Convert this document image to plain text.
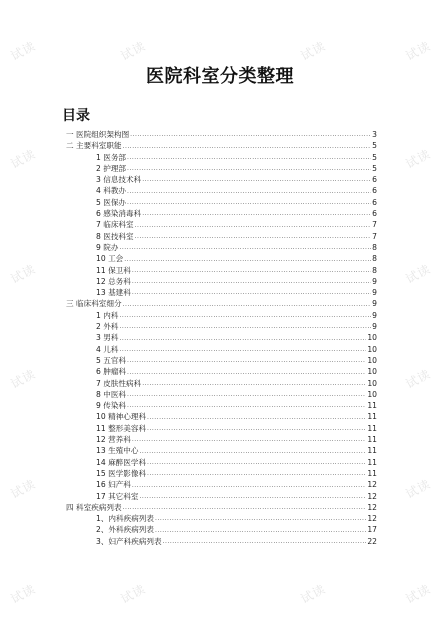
试读	试读	试读	试读
试读	试读
试读	试读
试读	试读
试读	试读
试读	试读	试读	试读
医院科室分类整理
目录
一 医院组织架构图 .....	3
二 主要科室职能 .....	5
1 医务部 .....	5
2 护理部 .....	5
3 信息技术科 .....	6
4 科教办 .....	6
5 医保办 .....	6
6 感染消毒科 .....	6
7 临床科室 .....	7
8 医技科室 .....	7
9 院办 .....	8
10 工会 .....	8
11 保卫科 .....	8
12 总务科 .....	9
13 基建科 .....	9
三 临床科室细分 .....	9
1 内科 .....	9
2 外科 .....	9
3 男科 .....	10
4 儿科 .....	10
5 五官科 .....	10
6 肿瘤科 .....	10
7 皮肤性病科 .....	10
8 中医科 .....	10
9 传染科 .....	11
10 精神心理科 .....	11
11 整形美容科 .....	11
12 营养科 .....	11
13 生殖中心 .....	11
14 麻醉医学科 .....	11
15 医学影像科 .....	11
16 妇产科 .....	12
17 其它科室 .....	12
四 科室疾病列表 .....	12
1、内科疾病列表 .....	12
2、外科疾病列表 .....	17
3、妇产科疾病列表 .....	22
